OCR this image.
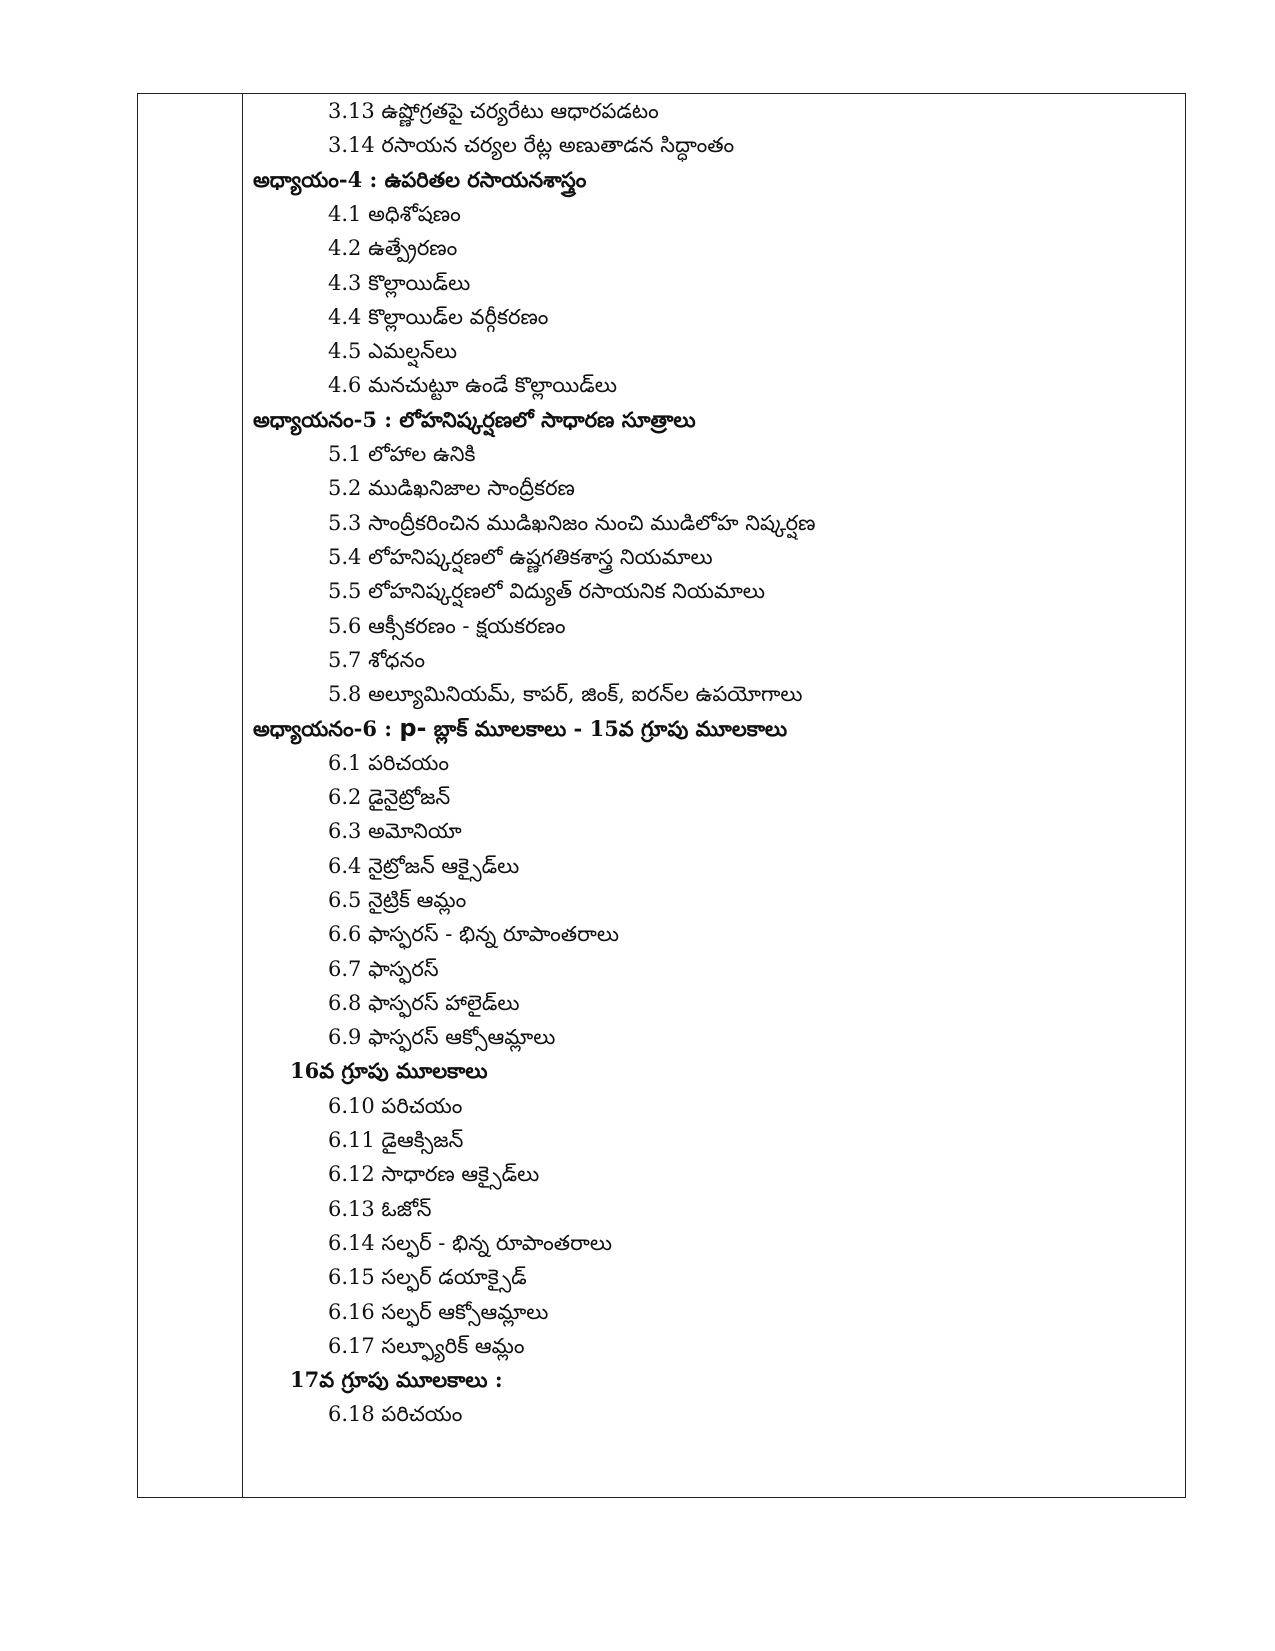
3.13 ఉష్ణోగ్రతపై చర్యరేటు ఆధారపడటం
3.14 రసాయన చర్యల రేట్ల అణుతాడన సిద్ధాంతం
అధ్యాయం-4 : ఉపరితల రసాయనశాస్త్రం
4.1 అధిశోషణం
4.2 ఉత్ప్రేరణం
4.3 కొల్లాయిడ్‌లు
4.4 కొల్లాయిడ్‌ల వర్గీకరణం
4.5 ఎమల్షన్‌లు
4.6 మనచుట్టూ ఉండే కొల్లాయిడ్‌లు
అధ్యాయనం-5 : లోహనిష్కర్షణలో సాధారణ సూత్రాలు
5.1 లోహాల ఉనికి
5.2 ముడిఖనిజాల సాంద్రీకరణ
5.3 సాంద్రీకరించిన ముడిఖనిజం నుంచి ముడిలోహ నిష్కర్షణ
5.4 లోహనిష్కర్షణలో ఉష్ణగతికశాస్త్ర నియమాలు
5.5 లోహనిష్కర్షణలో విద్యుత్ రసాయనిక నియమాలు
5.6 ఆక్సీకరణం - క్షయకరణం
5.7 శోధనం
5.8 అల్యూమినియమ్, కాపర్, జింక్, ఐరన్‌ల ఉపయోగాలు
అధ్యాయనం-6 : p- బ్లాక్ మూలకాలు - 15వ గ్రూపు మూలకాలు
6.1 పరిచయం
6.2 డైనైట్రోజన్
6.3 అమోనియా
6.4 నైట్రోజన్ ఆక్సైడ్‌లు
6.5 నైట్రిక్ ఆమ్లం
6.6 ఫాస్ఫరస్ - భిన్న రూపాంతరాలు
6.7 ఫాస్ఫరస్
6.8 ఫాస్ఫరస్ హాలైడ్‌లు
6.9 ఫాస్ఫరస్ ఆక్సోఆమ్లాలు
16వ గ్రూపు మూలకాలు
6.10 పరిచయం
6.11 డైఆక్సిజన్
6.12 సాధారణ ఆక్సైడ్‌లు
6.13 ఓజోన్
6.14 సల్ఫర్ - భిన్న రూపాంతరాలు
6.15 సల్ఫర్ డయాక్సైడ్
6.16 సల్ఫర్ ఆక్సోఆమ్లాలు
6.17 సల్ఫ్యూరిక్ ఆమ్లం
17వ గ్రూపు మూలకాలు :
6.18 పరిచయం
